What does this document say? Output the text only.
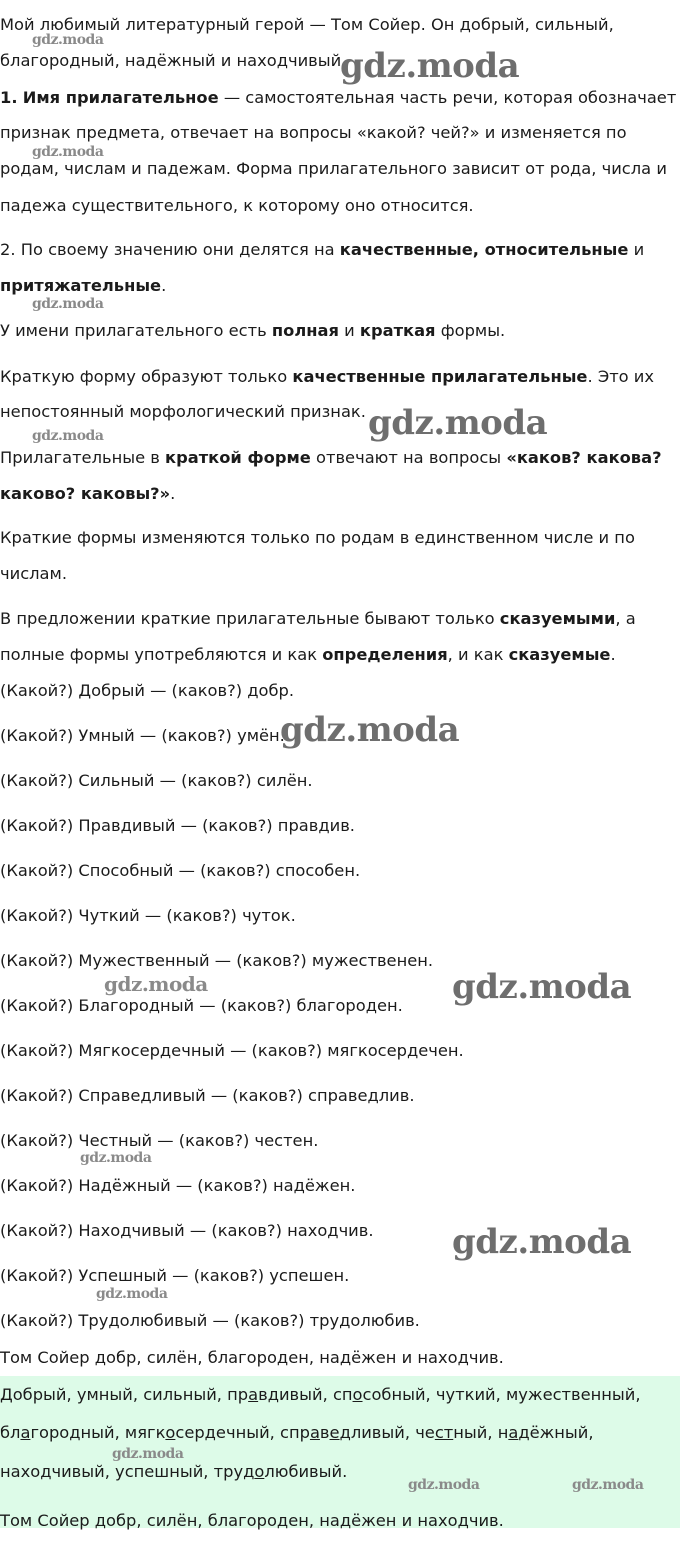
Мой любимый литературный герой — Том Сойер. Он добрый, сильный,
благородный, надёжный и находчивый.
1. Имя прилагательное — самостоятельная часть речи, которая обозначает
признак предмета, отвечает на вопросы «какой? чей?» и изменяется по
родам, числам и падежам. Форма прилагательного зависит от рода, числа и
падежа существительного, к которому оно относится.
2. По своему значению они делятся на качественные, относительные и
притяжательные.
У имени прилагательного есть полная и краткая формы.
Краткую форму образуют только качественные прилагательные. Это их
непостоянный морфологический признак.
Прилагательные в краткой форме отвечают на вопросы «каков? какова?
каково? каковы?».
Краткие формы изменяются только по родам в единственном числе и по
числам.
В предложении краткие прилагательные бывают только сказуемыми, а
полные формы употребляются и как определения, и как сказуемые.
(Какой?) Добрый — (каков?) добр.
(Какой?) Умный — (каков?) умён.
(Какой?) Сильный — (каков?) силён.
(Какой?) Правдивый — (каков?) правдив.
(Какой?) Способный — (каков?) способен.
(Какой?) Чуткий — (каков?) чуток.
(Какой?) Мужественный — (каков?) мужественен.
(Какой?) Благородный — (каков?) благороден.
(Какой?) Мягкосердечный — (каков?) мягкосердечен.
(Какой?) Справедливый — (каков?) справедлив.
(Какой?) Честный — (каков?) честен.
(Какой?) Надёжный — (каков?) надёжен.
(Какой?) Находчивый — (каков?) находчив.
(Какой?) Успешный — (каков?) успешен.
(Какой?) Трудолюбивый — (каков?) трудолюбив.
Том Сойер добр, силён, благороден, надёжен и находчив.
Добрый, умный, сильный, правдивый, способный, чуткий, мужественный,
благородный, мягкосердечный, справедливый, честный, надёжный,
находчивый, успешный, трудолюбивый.
Том Сойер добр, силён, благороден, надёжен и находчив.
gdz.moda
gdz.moda
gdz.moda
gdz.moda
gdz.moda
gdz.moda
gdz.moda
gdz.moda	gdz.moda
gdz.moda
gdz.moda
gdz.moda
gdz.moda
gdz.moda	gdz.moda
